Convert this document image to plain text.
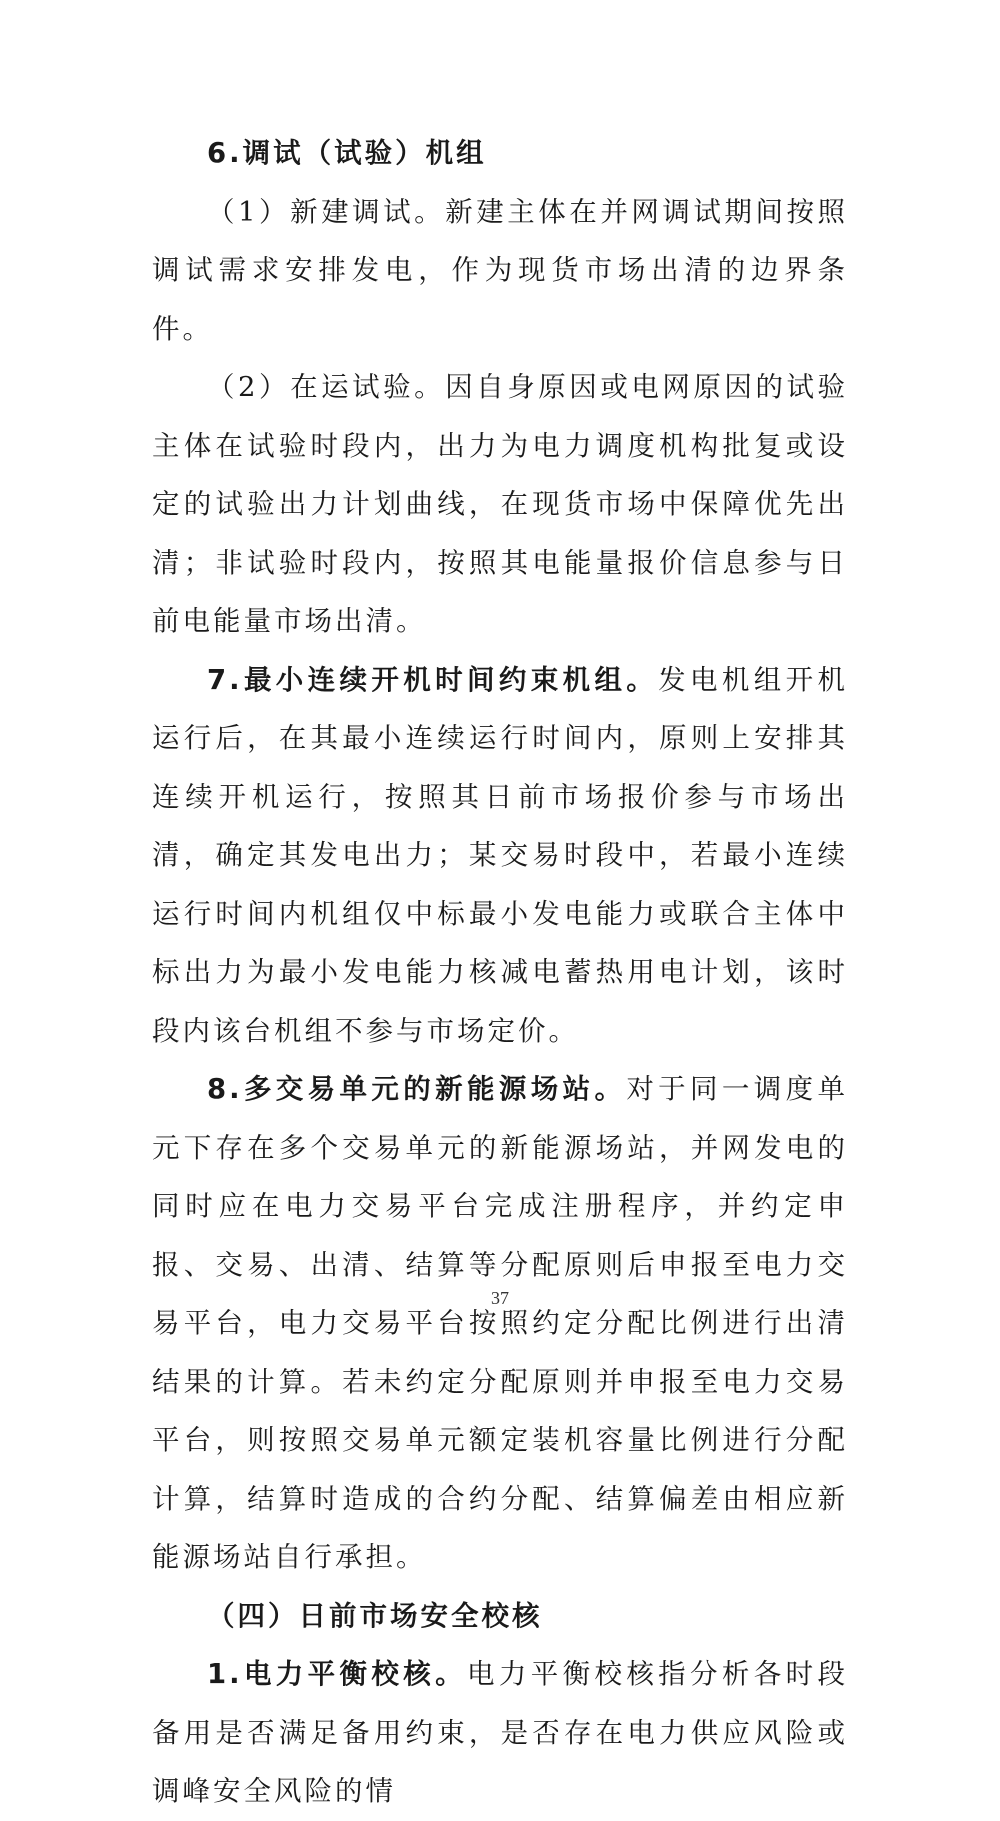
6.调试（试验）机组

（1）新建调试。新建主体在并网调试期间按照调试需求安排发电，作为现货市场出清的边界条件。

（2）在运试验。因自身原因或电网原因的试验主体在试验时段内，出力为电力调度机构批复或设定的试验出力计划曲线，在现货市场中保障优先出清；非试验时段内，按照其电能量报价信息参与日前电能量市场出清。

7.最小连续开机时间约束机组。发电机组开机运行后，在其最小连续运行时间内，原则上安排其连续开机运行，按照其日前市场报价参与市场出清，确定其发电出力；某交易时段中，若最小连续运行时间内机组仅中标最小发电能力或联合主体中标出力为最小发电能力核减电蓄热用电计划，该时段内该台机组不参与市场定价。

8.多交易单元的新能源场站。对于同一调度单元下存在多个交易单元的新能源场站，并网发电的同时应在电力交易平台完成注册程序，并约定申报、交易、出清、结算等分配原则后申报至电力交易平台，电力交易平台按照约定分配比例进行出清结果的计算。若未约定分配原则并申报至电力交易平台，则按照交易单元额定装机容量比例进行分配计算，结算时造成的合约分配、结算偏差由相应新能源场站自行承担。

（四）日前市场安全校核

1.电力平衡校核。电力平衡校核指分析各时段备用是否满足备用约束，是否存在电力供应风险或调峰安全风险的情

37
